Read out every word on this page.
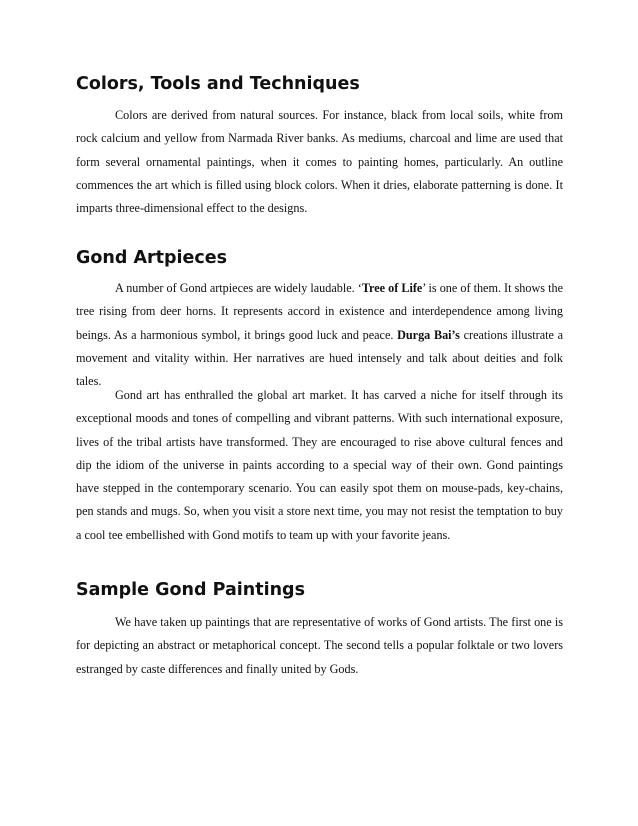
Colors, Tools and Techniques

Colors are derived from natural sources. For instance, black from local soils, white from rock calcium and yellow from Narmada River banks. As mediums, charcoal and lime are used that form several ornamental paintings, when it comes to painting homes, particularly. An outline commences the art which is filled using block colors. When it dries, elaborate patterning is done. It imparts three-dimensional effect to the designs.

Gond Artpieces

A number of Gond artpieces are widely laudable. ‘Tree of Life’ is one of them. It shows the tree rising from deer horns. It represents accord in existence and interdependence among living beings. As a harmonious symbol, it brings good luck and peace. Durga Bai’s creations illustrate a movement and vitality within. Her narratives are hued intensely and talk about deities and folk tales.

Gond art has enthralled the global art market. It has carved a niche for itself through its exceptional moods and tones of compelling and vibrant patterns. With such international exposure, lives of the tribal artists have transformed. They are encouraged to rise above cultural fences and dip the idiom of the universe in paints according to a special way of their own. Gond paintings have stepped in the contemporary scenario. You can easily spot them on mouse-pads, key-chains, pen stands and mugs. So, when you visit a store next time, you may not resist the temptation to buy a cool tee embellished with Gond motifs to team up with your favorite jeans.

Sample Gond Paintings

We have taken up paintings that are representative of works of Gond artists. The first one is for depicting an abstract or metaphorical concept. The second tells a popular folktale or two lovers estranged by caste differences and finally united by Gods.
